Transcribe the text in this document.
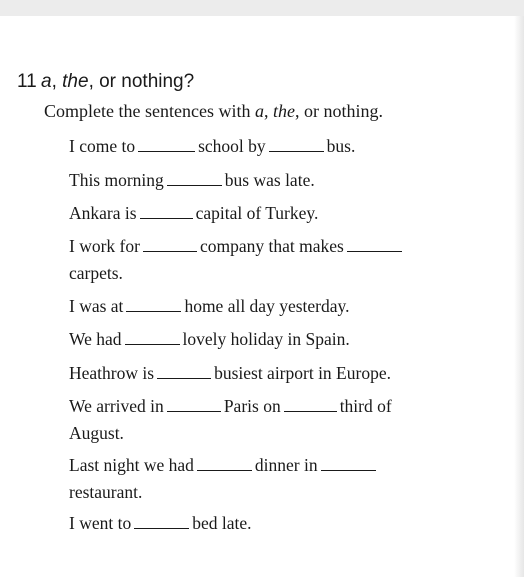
11 a, the, or nothing?
Complete the sentences with a, the, or nothing.
I come to	school by	bus.
This morning	bus was late.
Ankara is	capital of Turkey.
I work for	company that makes
carpets.
I was at	home all day yesterday.
We had	lovely holiday in Spain.
Heathrow is	busiest airport in Europe.
We arrived in	Paris on	third of
August.
Last night we had	dinner in
restaurant.
I went to	bed late.
